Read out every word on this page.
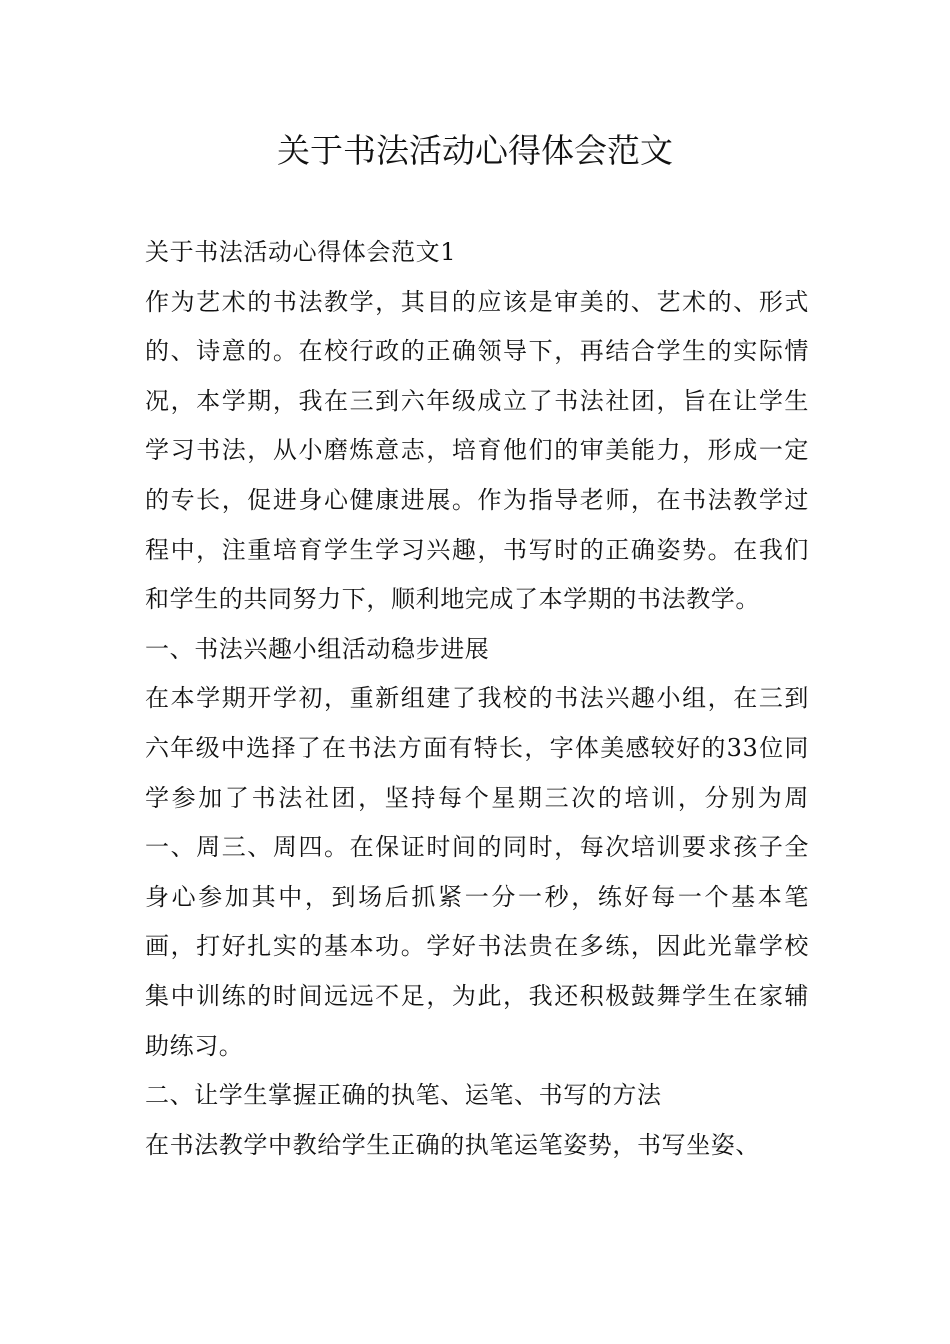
关于书法活动心得体会范文

关于书法活动心得体会范文1

作为艺术的书法教学，其目的应该是审美的、艺术的、形式的、诗意的。在校行政的正确领导下，再结合学生的实际情况，本学期，我在三到六年级成立了书法社团，旨在让学生学习书法，从小磨炼意志，培育他们的审美能力，形成一定的专长，促进身心健康进展。作为指导老师，在书法教学过程中，注重培育学生学习兴趣，书写时的正确姿势。在我们和学生的共同努力下，顺利地完成了本学期的书法教学。

一、书法兴趣小组活动稳步进展

在本学期开学初，重新组建了我校的书法兴趣小组，在三到六年级中选择了在书法方面有特长，字体美感较好的33位同学参加了书法社团，坚持每个星期三次的培训，分别为周一、周三、周四。在保证时间的同时，每次培训要求孩子全身心参加其中，到场后抓紧一分一秒，练好每一个基本笔画，打好扎实的基本功。学好书法贵在多练，因此光靠学校集中训练的时间远远不足，为此，我还积极鼓舞学生在家辅助练习。

二、让学生掌握正确的执笔、运笔、书写的方法

在书法教学中教给学生正确的执笔运笔姿势，书写坐姿、
